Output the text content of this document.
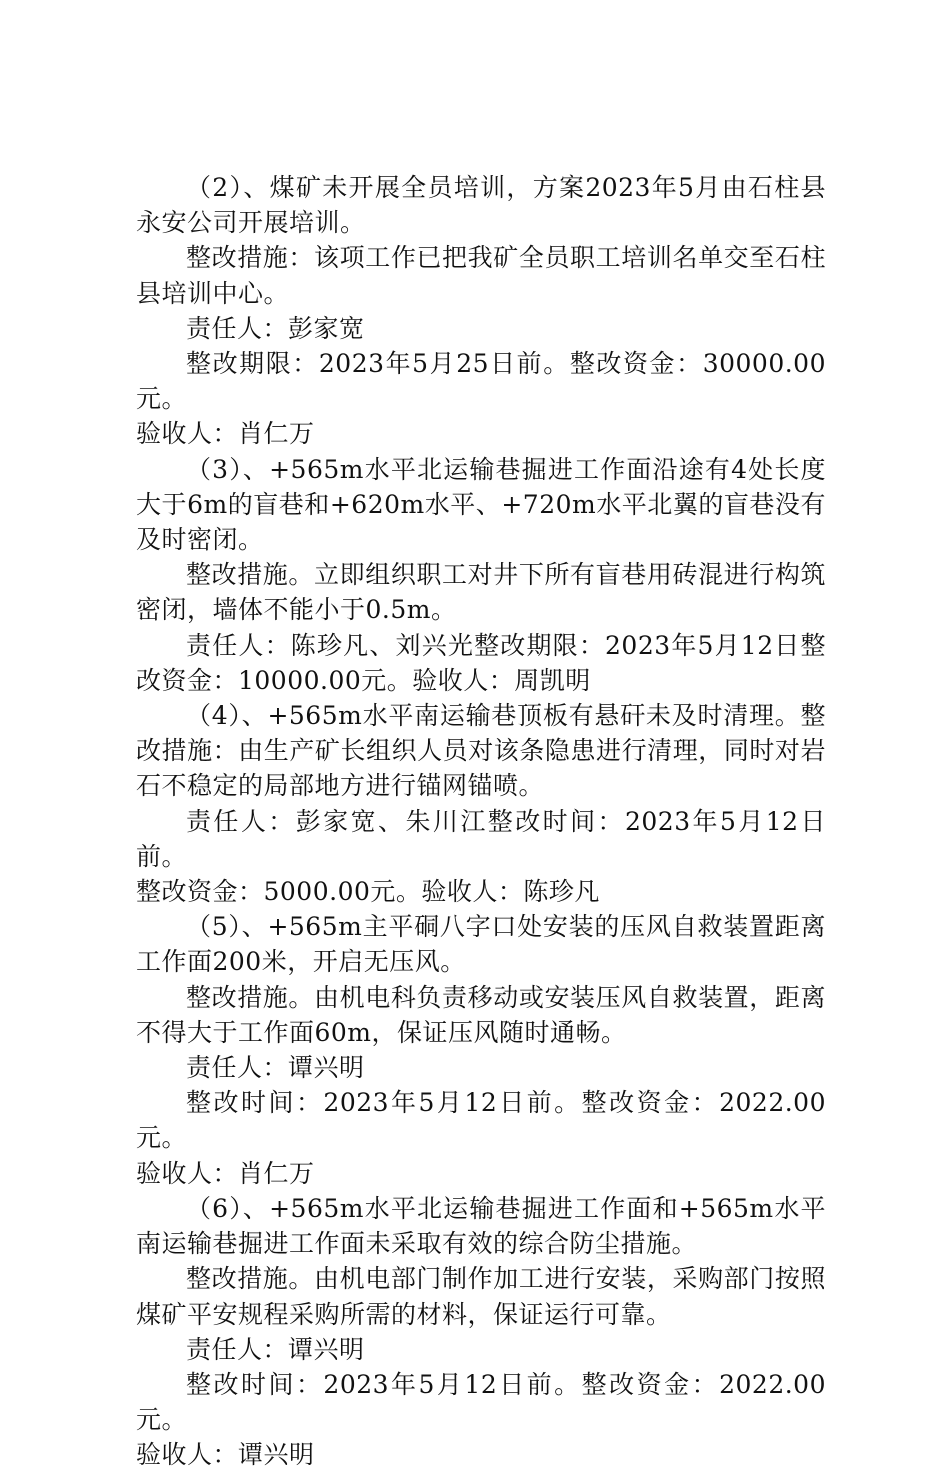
（2）、煤矿未开展全员培训，方案2023年5月由石柱县永安公司开展培训。

整改措施：该项工作已把我矿全员职工培训名单交至石柱县培训中心。

责任人：彭家宽

整改期限：2023年5月25日前。整改资金：30000.00元。

验收人：肖仁万

（3）、+565m水平北运输巷掘进工作面沿途有4处长度大于6m的盲巷和+620m水平、+720m水平北翼的盲巷没有及时密闭。

整改措施。立即组织职工对井下所有盲巷用砖混进行构筑密闭，墙体不能小于0.5m。

责任人：陈珍凡、刘兴光整改期限：2023年5月12日整改资金：10000.00元。验收人：周凯明

（4）、+565m水平南运输巷顶板有悬矸未及时清理。整改措施：由生产矿长组织人员对该条隐患进行清理，同时对岩石不稳定的局部地方进行锚网锚喷。

责任人：彭家宽、朱川江整改时间：2023年5月12日前。

整改资金：5000.00元。验收人：陈珍凡

（5）、+565m主平硐八字口处安装的压风自救装置距离工作面200米，开启无压风。

整改措施。由机电科负责移动或安装压风自救装置，距离不得大于工作面60m，保证压风随时通畅。

责任人：谭兴明

整改时间：2023年5月12日前。整改资金：2022.00元。

验收人：肖仁万

（6）、+565m水平北运输巷掘进工作面和+565m水平南运输巷掘进工作面未采取有效的综合防尘措施。

整改措施。由机电部门制作加工进行安装，采购部门按照煤矿平安规程采购所需的材料，保证运行可靠。

责任人：谭兴明

整改时间：2023年5月12日前。整改资金：2022.00元。

验收人：谭兴明
